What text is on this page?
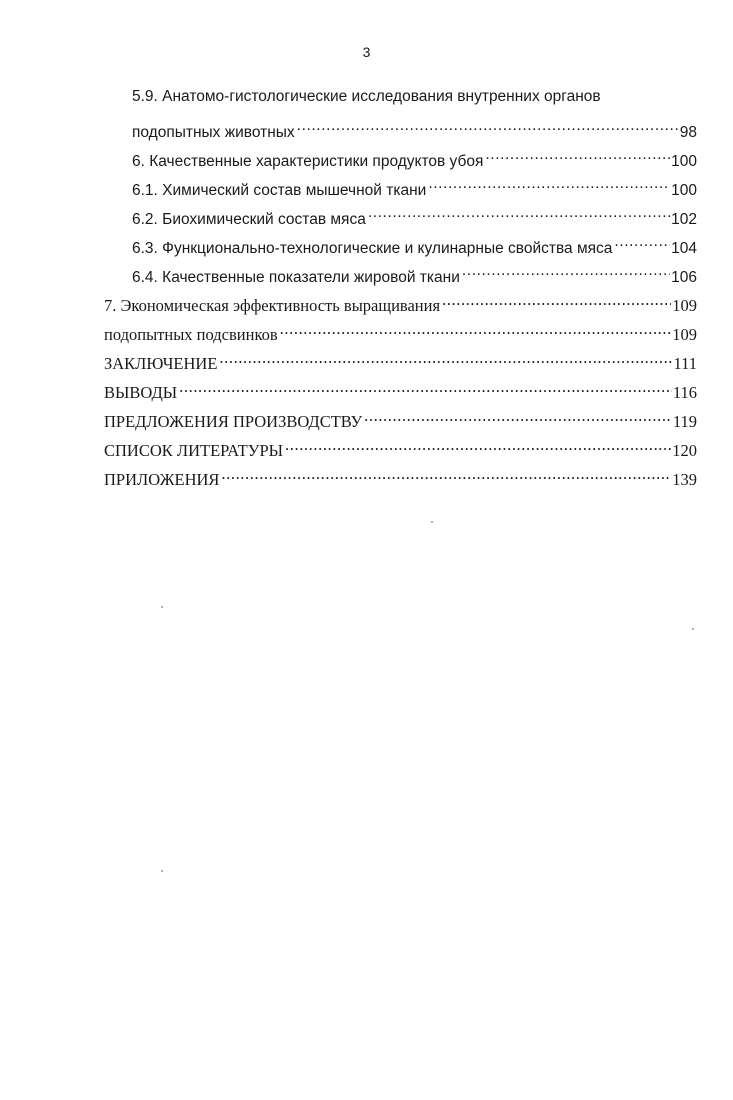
3
5.9. Анатомо-гистологические исследования внутренних органов
подопытных животных .....	98
6. Качественные характеристики продуктов убоя .....	100
6.1. Химический состав мышечной ткани .....	100
6.2. Биохимический состав мяса .....	102
6.3. Функционально-технологические и кулинарные свойства мяса .....	104
6.4. Качественные показатели жировой ткани .....	106
7. Экономическая эффективность выращивания .....	109
подопытных подсвинков .....	109
ЗАКЛЮЧЕНИЕ .....	111
ВЫВОДЫ .....	116
ПРЕДЛОЖЕНИЯ ПРОИЗВОДСТВУ .....	119
СПИСОК ЛИТЕРАТУРЫ .....	120
ПРИЛОЖЕНИЯ .....	139
